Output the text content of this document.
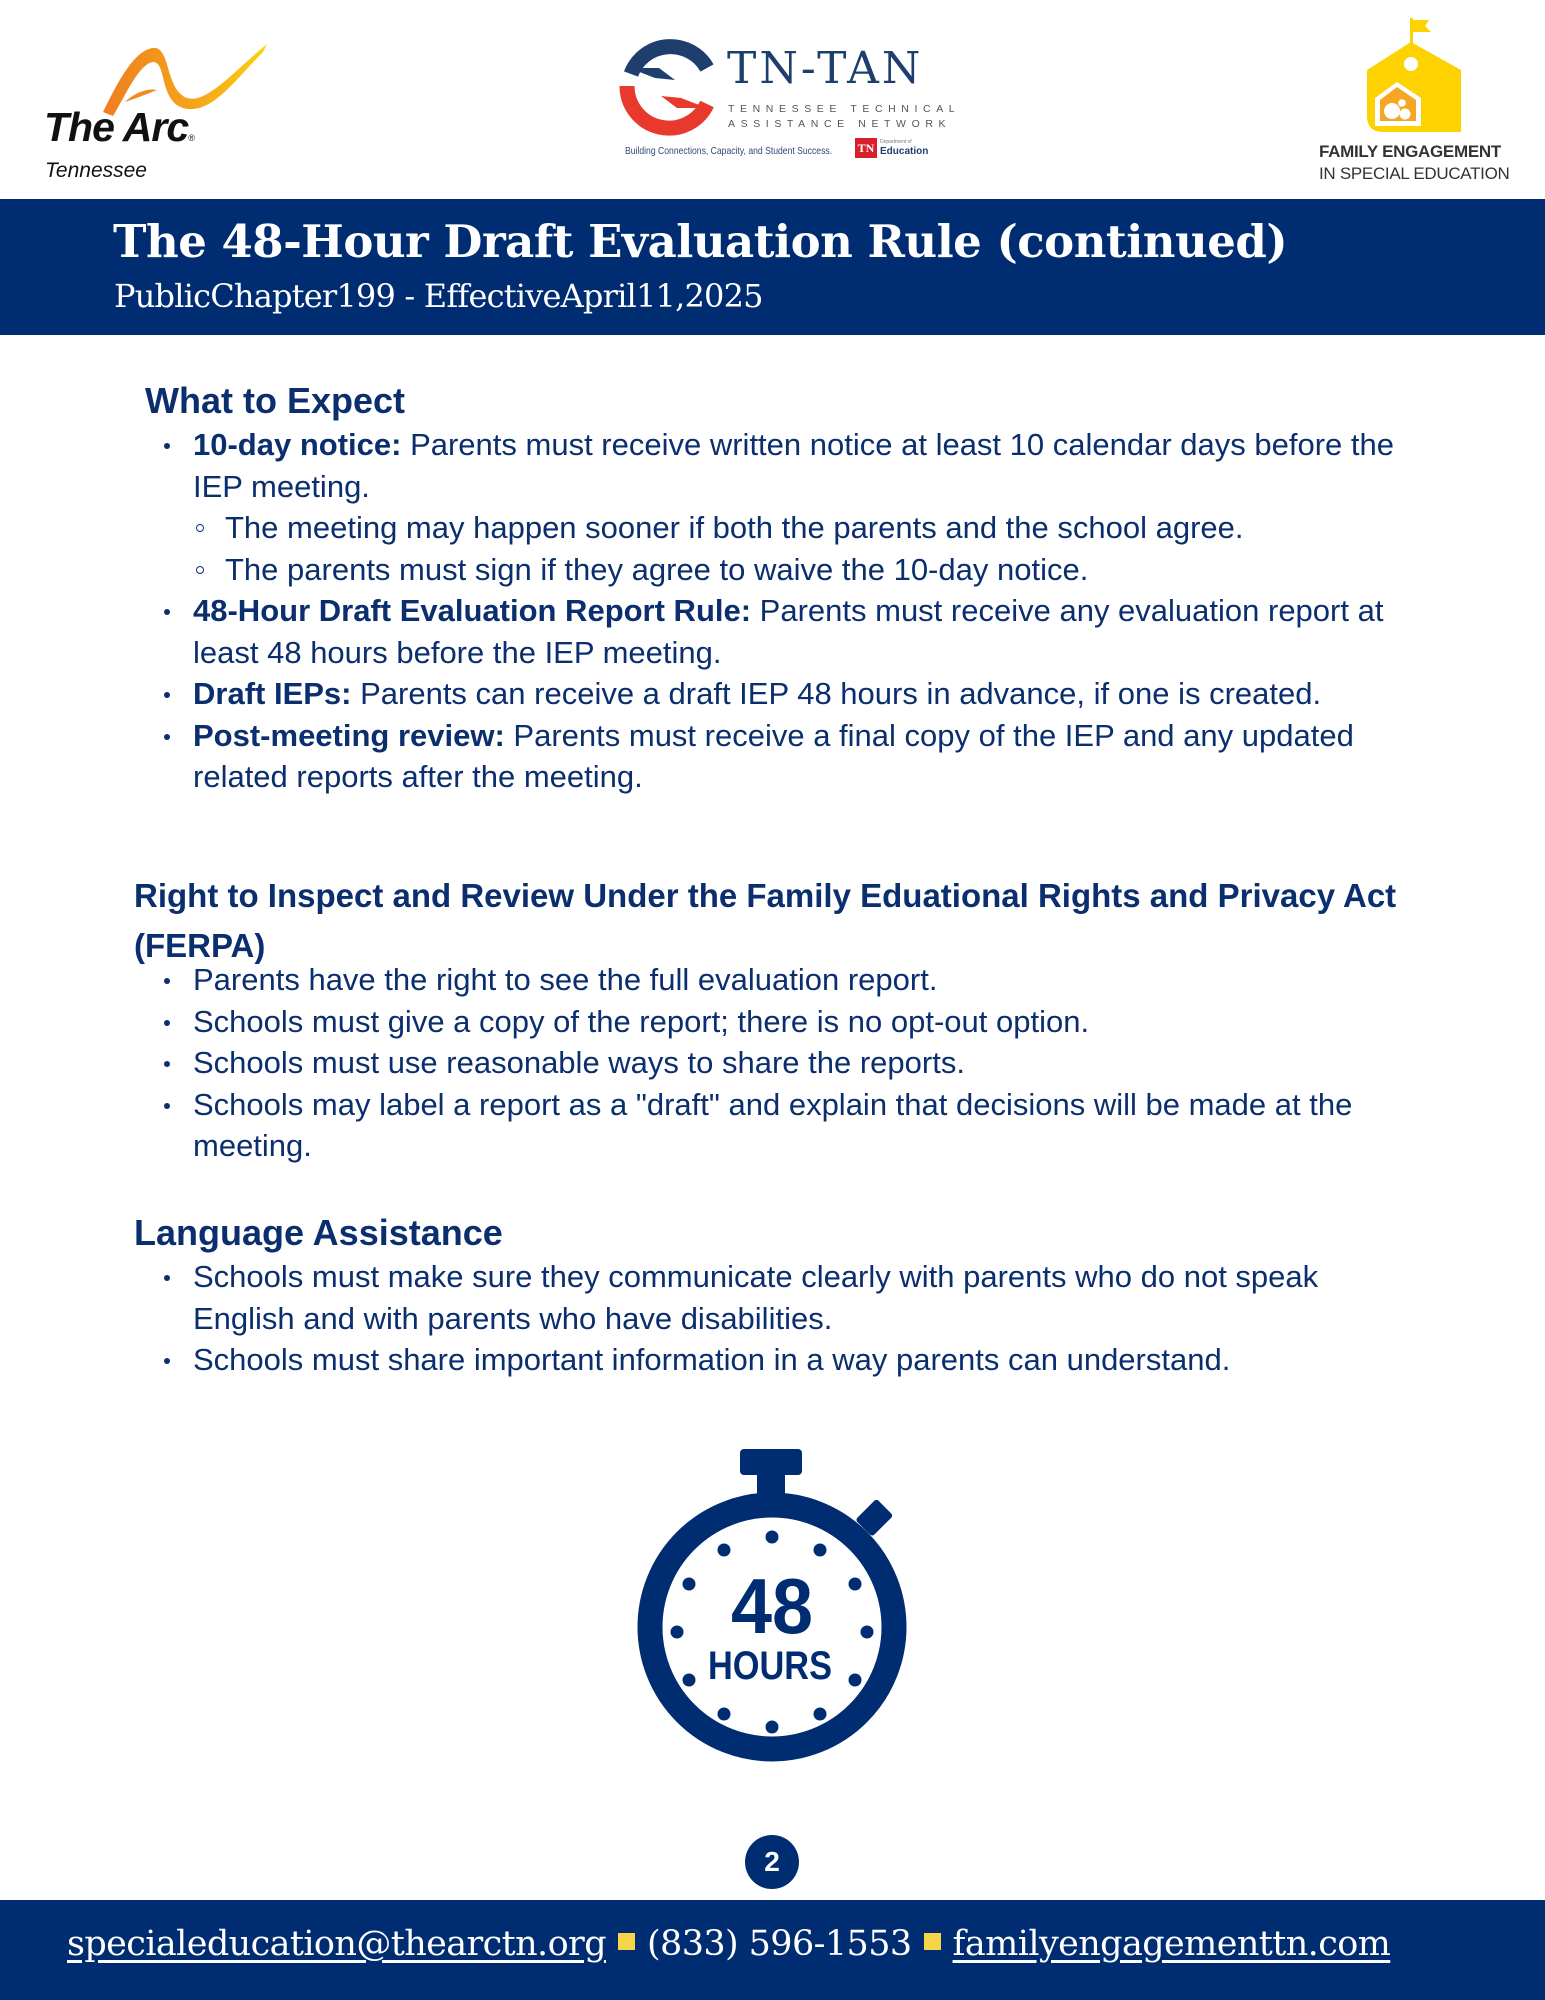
The Arc®
Tennessee
TN-TAN
TENNESSEE TECHNICAL
ASSISTANCE NETWORK
Building Connections, Capacity, and Student Success. TN	Department of
Education	FAMILY ENGAGEMENT
IN SPECIAL EDUCATION
The 48-Hour Draft Evaluation Rule (continued)
PublicChapter199 - EffectiveApril11,2025
What to Expect
10-day notice: Parents must receive written notice at least 10 calendar days before the IEP meeting.
The meeting may happen sooner if both the parents and the school agree.
The parents must sign if they agree to waive the 10-day notice.
48-Hour Draft Evaluation Report Rule: Parents must receive any evaluation report at least 48 hours before the IEP meeting.
Draft IEPs: Parents can receive a draft IEP 48 hours in advance, if one is created.
Post-meeting review: Parents must receive a final copy of the IEP and any updated related reports after the meeting.
Right to Inspect and Review Under the Family Eduational Rights and Privacy Act (FERPA)
Parents have the right to see the full evaluation report.
Schools must give a copy of the report; there is no opt-out option.
Schools must use reasonable ways to share the reports.
Schools may label a report as a "draft" and explain that decisions will be made at the meeting.
Language Assistance
Schools must make sure they communicate clearly with parents who do not speak English and with parents who have disabilities.
Schools must share important information in a way parents can understand.
48
HOURS
2
specialeducation@thearctn.org (833) 596-1553 familyengagementtn.com
